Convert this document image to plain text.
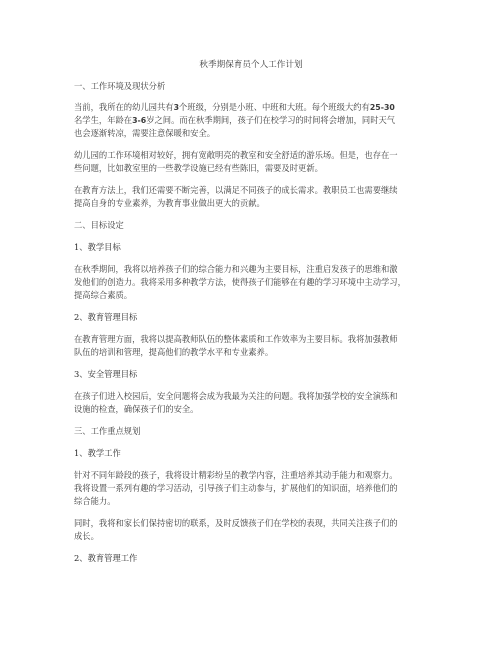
秋季期保育员个人工作计划
一、工作环境及现状分析
当前，我所在的幼儿园共有3个班级，分别是小班、中班和大班。每个班级大约有25-30
名学生，年龄在3-6岁之间。而在秋季期间，孩子们在校学习的时间将会增加，同时天气
也会逐渐转凉，需要注意保暖和安全。
幼儿园的工作环境相对较好，拥有宽敞明亮的教室和安全舒适的游乐场。但是，也存在一
些问题，比如教室里的一些教学设施已经有些陈旧，需要及时更新。
在教育方法上，我们还需要不断完善，以满足不同孩子的成长需求。教职员工也需要继续
提高自身的专业素养，为教育事业做出更大的贡献。
二、目标设定
1、教学目标
在秋季期间，我将以培养孩子们的综合能力和兴趣为主要目标，注重启发孩子的思维和激
发他们的创造力。我将采用多种教学方法，使得孩子们能够在有趣的学习环境中主动学习，
提高综合素质。
2、教育管理目标
在教育管理方面，我将以提高教师队伍的整体素质和工作效率为主要目标。我将加强教师
队伍的培训和管理，提高他们的教学水平和专业素养。
3、安全管理目标
在孩子们进入校园后，安全问题将会成为我最为关注的问题。我将加强学校的安全演练和
设施的检查，确保孩子们的安全。
三、工作重点规划
1、教学工作
针对不同年龄段的孩子，我将设计精彩纷呈的教学内容，注重培养其动手能力和观察力。
我将设置一系列有趣的学习活动，引导孩子们主动参与，扩展他们的知识面，培养他们的
综合能力。
同时，我将和家长们保持密切的联系，及时反馈孩子们在学校的表现，共同关注孩子们的
成长。
2、教育管理工作
